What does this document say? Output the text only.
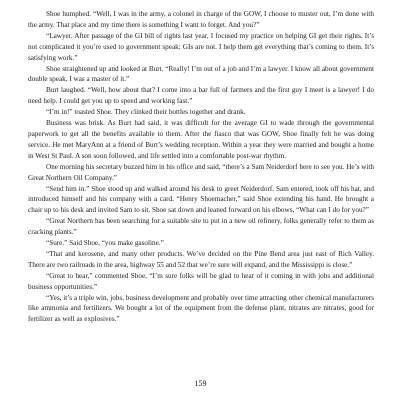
Shoe humphed. “Well, I was in the army, a colonel in charge of the GOW, I choose to muster out, I’m done with the army. That place and my time there is something I want to forget. And you?”

“Lawyer. After passage of the GI bill of rights last year, I focused my practice on helping GI get their rights. It’s not complicated it you’re used to government speak; GIs are not. I help them get everything that’s coming to them. It’s satisfying work.”

Shoe straightened up and looked at Burt. “Really! I’m out of a job and I’m a lawyer. I know all about government double speak, I was a master of it.”

Burt laughed. “Well, how about that? I come into a bar full of farmers and the first guy I meet is a lawyer! I do need help. I could get you up to speed and working fast.”

“I’m in!” toasted Shoe. They clinked their bottles together and drank.

Business was brisk. As Burt had said, it was difficult for the average GI to wade through the governmental paperwork to get all the benefits available to them. After the fiasco that was GOW, Shoe finally felt he was doing service. He met MaryAnn at a friend of Burt’s wedding reception. Within a year they were married and bought a home in West St Paul. A son soon followed, and life settled into a comfortable post-war rhythm.

One morning his secretary buzzed him in his office and said, “there’s a Sam Neiderdorf here to see you. He’s with Great Northern Oil Company.”

“Send him in.” Shoe stood up and walked around his desk to greet Neiderdorf. Sam entered, took off his hat, and introduced himself and his company with a card. “Henry Shoemacher,” said Shoe extending his hand. He brought a chair up to his desk and invited Sam to sit. Shoe sat down and leaned forward on his elbows, “What can I do for you?”

“Great Northern has been searching for a suitable site to put in a new oil refinery, folks generally refer to them as cracking plants.”

“Sure.” Said Shoe, “you make gasoline.”

“That and kerosene, and many other products. We’ve decided on the Pine Bend area just east of Rich Valley. There are two railroads in the area, highway 55 and 52 that we’re sure will expand, and the Mississippi is close.”

“Great to hear,” commented Shoe, “I’m sure folks will be glad to hear of it coming in with jobs and additional business opportunities.”

“Yes, it’s a triple win, jobs, business development and probably over time attracting other chemical manufacturers like ammonia and fertilizers. We bought a lot of the equipment from the defense plant, nitrates are nitrates, good for fertilizer as well as explosives.”

159
